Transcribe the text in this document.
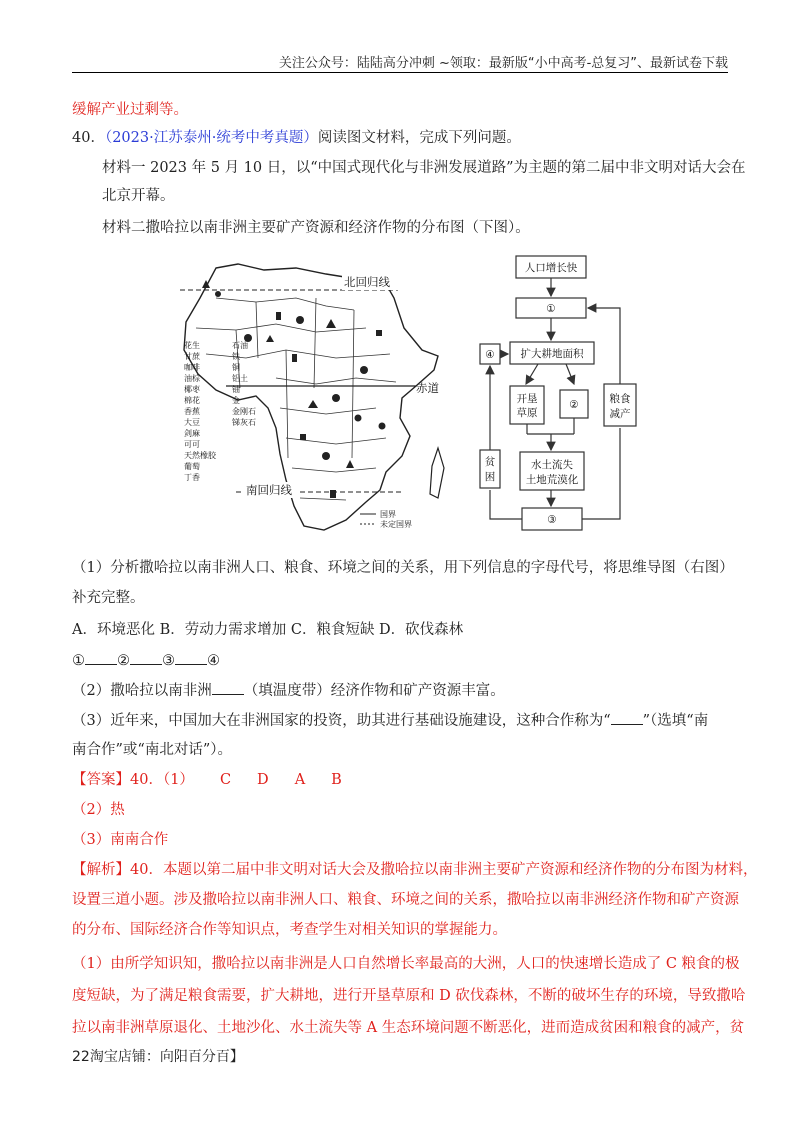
关注公众号：陆陆高分冲刺 ~领取：最新版“小中高考-总复习”、最新试卷下载
缓解产业过剩等。
40．（2023·江苏泰州·统考中考真题）阅读图文材料，完成下列问题。
材料一 2023 年 5 月 10 日，以“中国式现代化与非洲发展道路”为主题的第二届中非文明对话大会在
北京开幕。
材料二撒哈拉以南非洲主要矿产资源和经济作物的分布图（下图）。
北回归线
赤道
南回归线
花生
甘蔗
咖啡
油棕
椰枣
棉花
香蕉
大豆
剑麻
可可
天然橡胶
葡萄
丁香
石油
铁
铜
铝土
铀
金
金刚石
锑灰石
国界
未定国界
人口增长快
①
扩大耕地面积
④
开垦
草原
②	粮食
减产
水土流失
土地荒漠化
③
贫
困
（1）分析撒哈拉以南非洲人口、粮食、环境之间的关系，用下列信息的字母代号，将思维导图（右图）
补充完整。
A．环境恶化 B．劳动力需求增加 C．粮食短缺 D．砍伐森林
① ② ③ ④
（2）撒哈拉以南非洲 （填温度带）经济作物和矿产资源丰富。
（3）近年来，中国加大在非洲国家的投资，助其进行基础设施建设，这种合作称为“ ”（选填“南
南合作”或“南北对话”）。
【答案】40．（1） C D A B
（2）热
（3）南南合作
【解析】40．本题以第二届中非文明对话大会及撒哈拉以南非洲主要矿产资源和经济作物的分布图为材料，
设置三道小题。涉及撒哈拉以南非洲人口、粮食、环境之间的关系，撒哈拉以南非洲经济作物和矿产资源
的分布、国际经济合作等知识点，考查学生对相关知识的掌握能力。
（1）由所学知识知，撒哈拉以南非洲是人口自然增长率最高的大洲，人口的快速增长造成了 C 粮食的极
度短缺，为了满足粮食需要，扩大耕地，进行开垦草原和 D 砍伐森林，不断的破坏生存的环境，导致撒哈
拉以南非洲草原退化、土地沙化、水土流失等 A 生态环境问题不断恶化，进而造成贫困和粮食的减产，贫
22淘宝店铺：向阳百分百】
